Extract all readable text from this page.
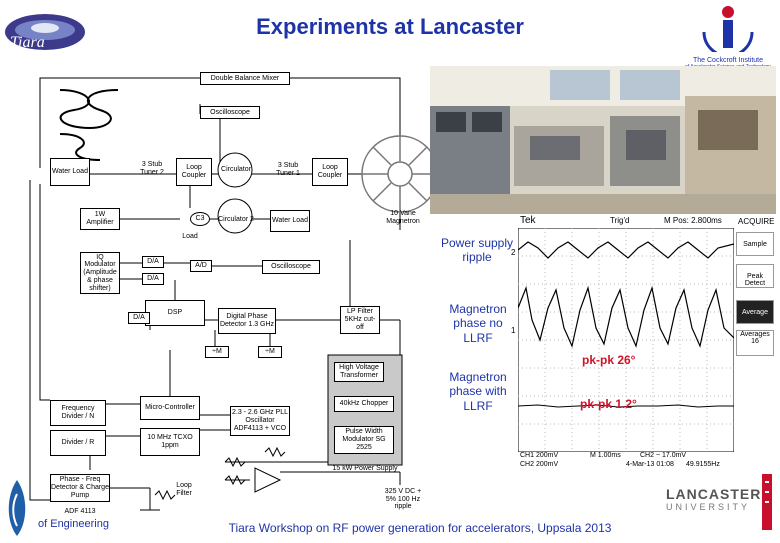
Experiments at Lancaster
Tiara
The Cockcroft Institute
Double Balance Mixer
Oscilloscope
Water Load
3 Stub Tuner 2
Loop Coupler
Circulator
3 Stub Tuner 1
Loop Coupler
10 Vane Magnetron
1W Amplifier
C3
Load
Circulator 2	Water Load
IQ Modulator (Amplitude & phase shifter)
D/A
D/A
A/D	Oscilloscope
DSP
D/A	Digital Phase Detector 1.3 GHz
LP Filter 5KHz cut-off
÷M	÷M
High Voltage Transformer
Frequency Divider / N
Micro-Controller
2.3 - 2.6 GHz PLL Oscillator ADF4113 + VCO
40kHz Chopper
Divider / R
10 MHz TCXO 1ppm
Pulse Width Modulator SG 2525
15 kW Power Supply
Phase - Freq Detector & Charge Pump
Loop Filter
ADF 4113
325 V DC + 5% 100 Hz ripple
Tek	Trig'd	M Pos: 2.800ms
2
1
CH1 200mV
CH2 200mV
M 1.00ms	CH2 ~ 17.0mV
4-Mar-13 01:08 49.9155Hz
ACQUIRE
Sample
Peak Detect
Average
Averages
16
Power supply ripple
Magnetron phase no LLRF
Magnetron phase with LLRF
pk-pk 26°
pk-pk 1.2°
LANCASTER
UNIVERSITY
of Engineering	Tiara Workshop on RF power generation for accelerators, Uppsala 2013
